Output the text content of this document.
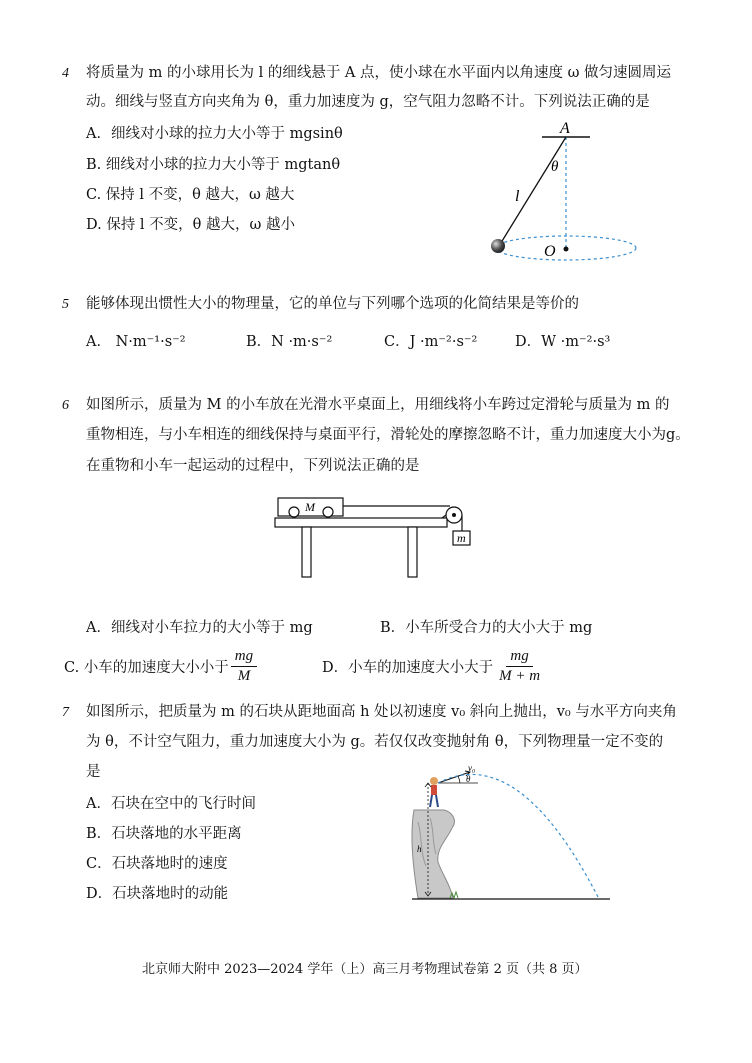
4 将质量为 m 的小球用长为 l 的细线悬于 A 点，使小球在水平面内以角速度 ω 做匀速圆周运
动。细线与竖直方向夹角为 θ，重力加速度为 g，空气阻力忽略不计。下列说法正确的是
A．细线对小球的拉力大小等于 mgsinθ
B. 细线对小球的拉力大小等于 mgtanθ
C. 保持 l 不变，θ 越大，ω 越大
D. 保持 l 不变，θ 越大，ω 越小
A
θ
l
O
5 能够体现出惯性大小的物理量，它的单位与下列哪个选项的化简结果是等价的
A． N·m⁻¹·s⁻²	B．N ·m·s⁻²	C．J ·m⁻²·s⁻²	D．W ·m⁻²·s³
6 如图所示，质量为 M 的小车放在光滑水平桌面上，用细线将小车跨过定滑轮与质量为 m 的
重物相连，与小车相连的细线保持与桌面平行，滑轮处的摩擦忽略不计，重力加速度大小为g。
在重物和小车一起运动的过程中，下列说法正确的是
M
m
A．细线对小车拉力的大小等于 mg	B．小车所受合力的大小大于 mg
C. 小车的加速度大小小于 $\frac{mg}{M}$	D．小车的加速度大小大于 $\frac{mg}{M + m}$
7 如图所示，把质量为 m 的石块从距地面高 h 处以初速度 v₀ 斜向上抛出，v₀ 与水平方向夹角
为 θ，不计空气阻力，重力加速度大小为 g。若仅仅改变抛射角 θ，下列物理量一定不变的
是
A．石块在空中的飞行时间
B．石块落地的水平距离
C．石块落地时的速度
D．石块落地时的动能
h
θ
v₀
北京师大附中 2023—2024 学年（上）高三月考物理试卷第 2 页（共 8 页）
